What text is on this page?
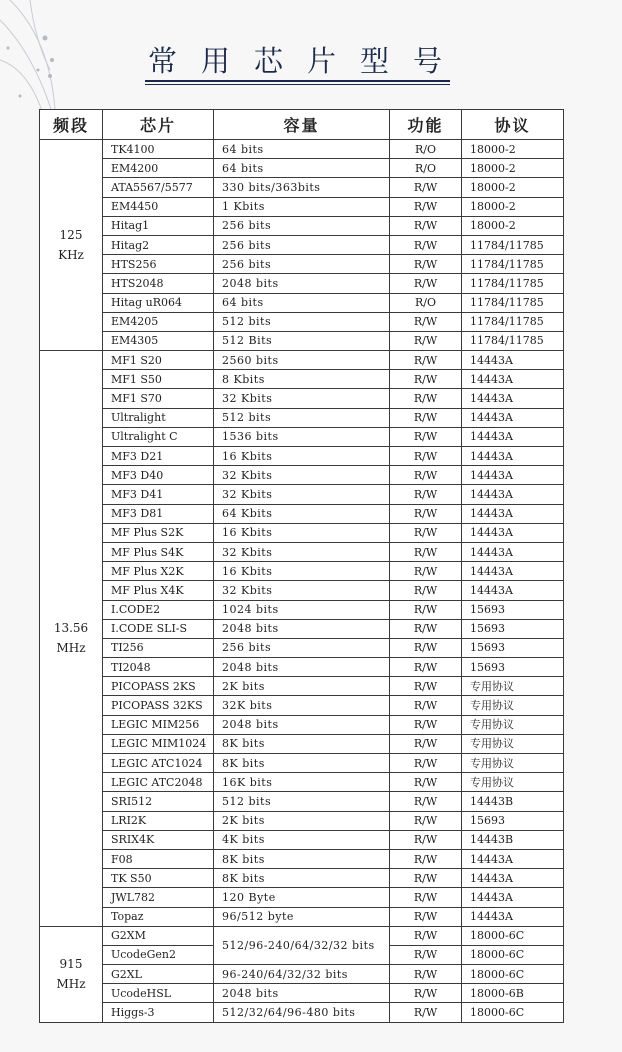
常用芯片型号
频段	芯片	容量	功能	协议

125
KHz	TK4100	64 bits	R/O	18000-2
	EM4200	64 bits	R/O	18000-2
	ATA5567/5577	330 bits/363bits	R/W	18000-2
	EM4450	1 Kbits	R/W	18000-2
	Hitag1	256 bits	R/W	18000-2
	Hitag2	256 bits	R/W	11784/11785
	HTS256	256 bits	R/W	11784/11785
	HTS2048	2048 bits	R/W	11784/11785
	Hitag uR064	64 bits	R/O	11784/11785
	EM4205	512 bits	R/W	11784/11785
	EM4305	512 Bits	R/W	11784/11785

13.56
MHz	MF1 S20	2560 bits	R/W	14443A
	MF1 S50	8 Kbits	R/W	14443A
	MF1 S70	32 Kbits	R/W	14443A
	Ultralight	512 bits	R/W	14443A
	Ultralight C	1536 bits	R/W	14443A
	MF3 D21	16 Kbits	R/W	14443A
	MF3 D40	32 Kbits	R/W	14443A
	MF3 D41	32 Kbits	R/W	14443A
	MF3 D81	64 Kbits	R/W	14443A
	MF Plus S2K	16 Kbits	R/W	14443A
	MF Plus S4K	32 Kbits	R/W	14443A
	MF Plus X2K	16 Kbits	R/W	14443A
	MF Plus X4K	32 Kbits	R/W	14443A
	I.CODE2	1024 bits	R/W	15693
	I.CODE SLI-S	2048 bits	R/W	15693
	TI256	256 bits	R/W	15693
	TI2048	2048 bits	R/W	15693
	PICOPASS 2KS	2K bits	R/W	专用协议
	PICOPASS 32KS	32K bits	R/W	专用协议
	LEGIC MIM256	2048 bits	R/W	专用协议
	LEGIC MIM1024	8K bits	R/W	专用协议
	LEGIC ATC1024	8K bits	R/W	专用协议
	LEGIC ATC2048	16K bits	R/W	专用协议
	SRI512	512 bits	R/W	14443B
	LRI2K	2K bits	R/W	15693
	SRIX4K	4K bits	R/W	14443B
	F08	8K bits	R/W	14443A
	TK S50	8K bits	R/W	14443A
	JWL782	120 Byte	R/W	14443A
	Topaz	96/512 byte	R/W	14443A

915
MHz	G2XM	512/96-240/64/32/32 bits	R/W	18000-6C
	UcodeGen2		R/W	18000-6C
	G2XL	96-240/64/32/32 bits	R/W	18000-6C
	UcodeHSL	2048 bits	R/W	18000-6B
	Higgs-3	512/32/64/96-480 bits	R/W	18000-6C
